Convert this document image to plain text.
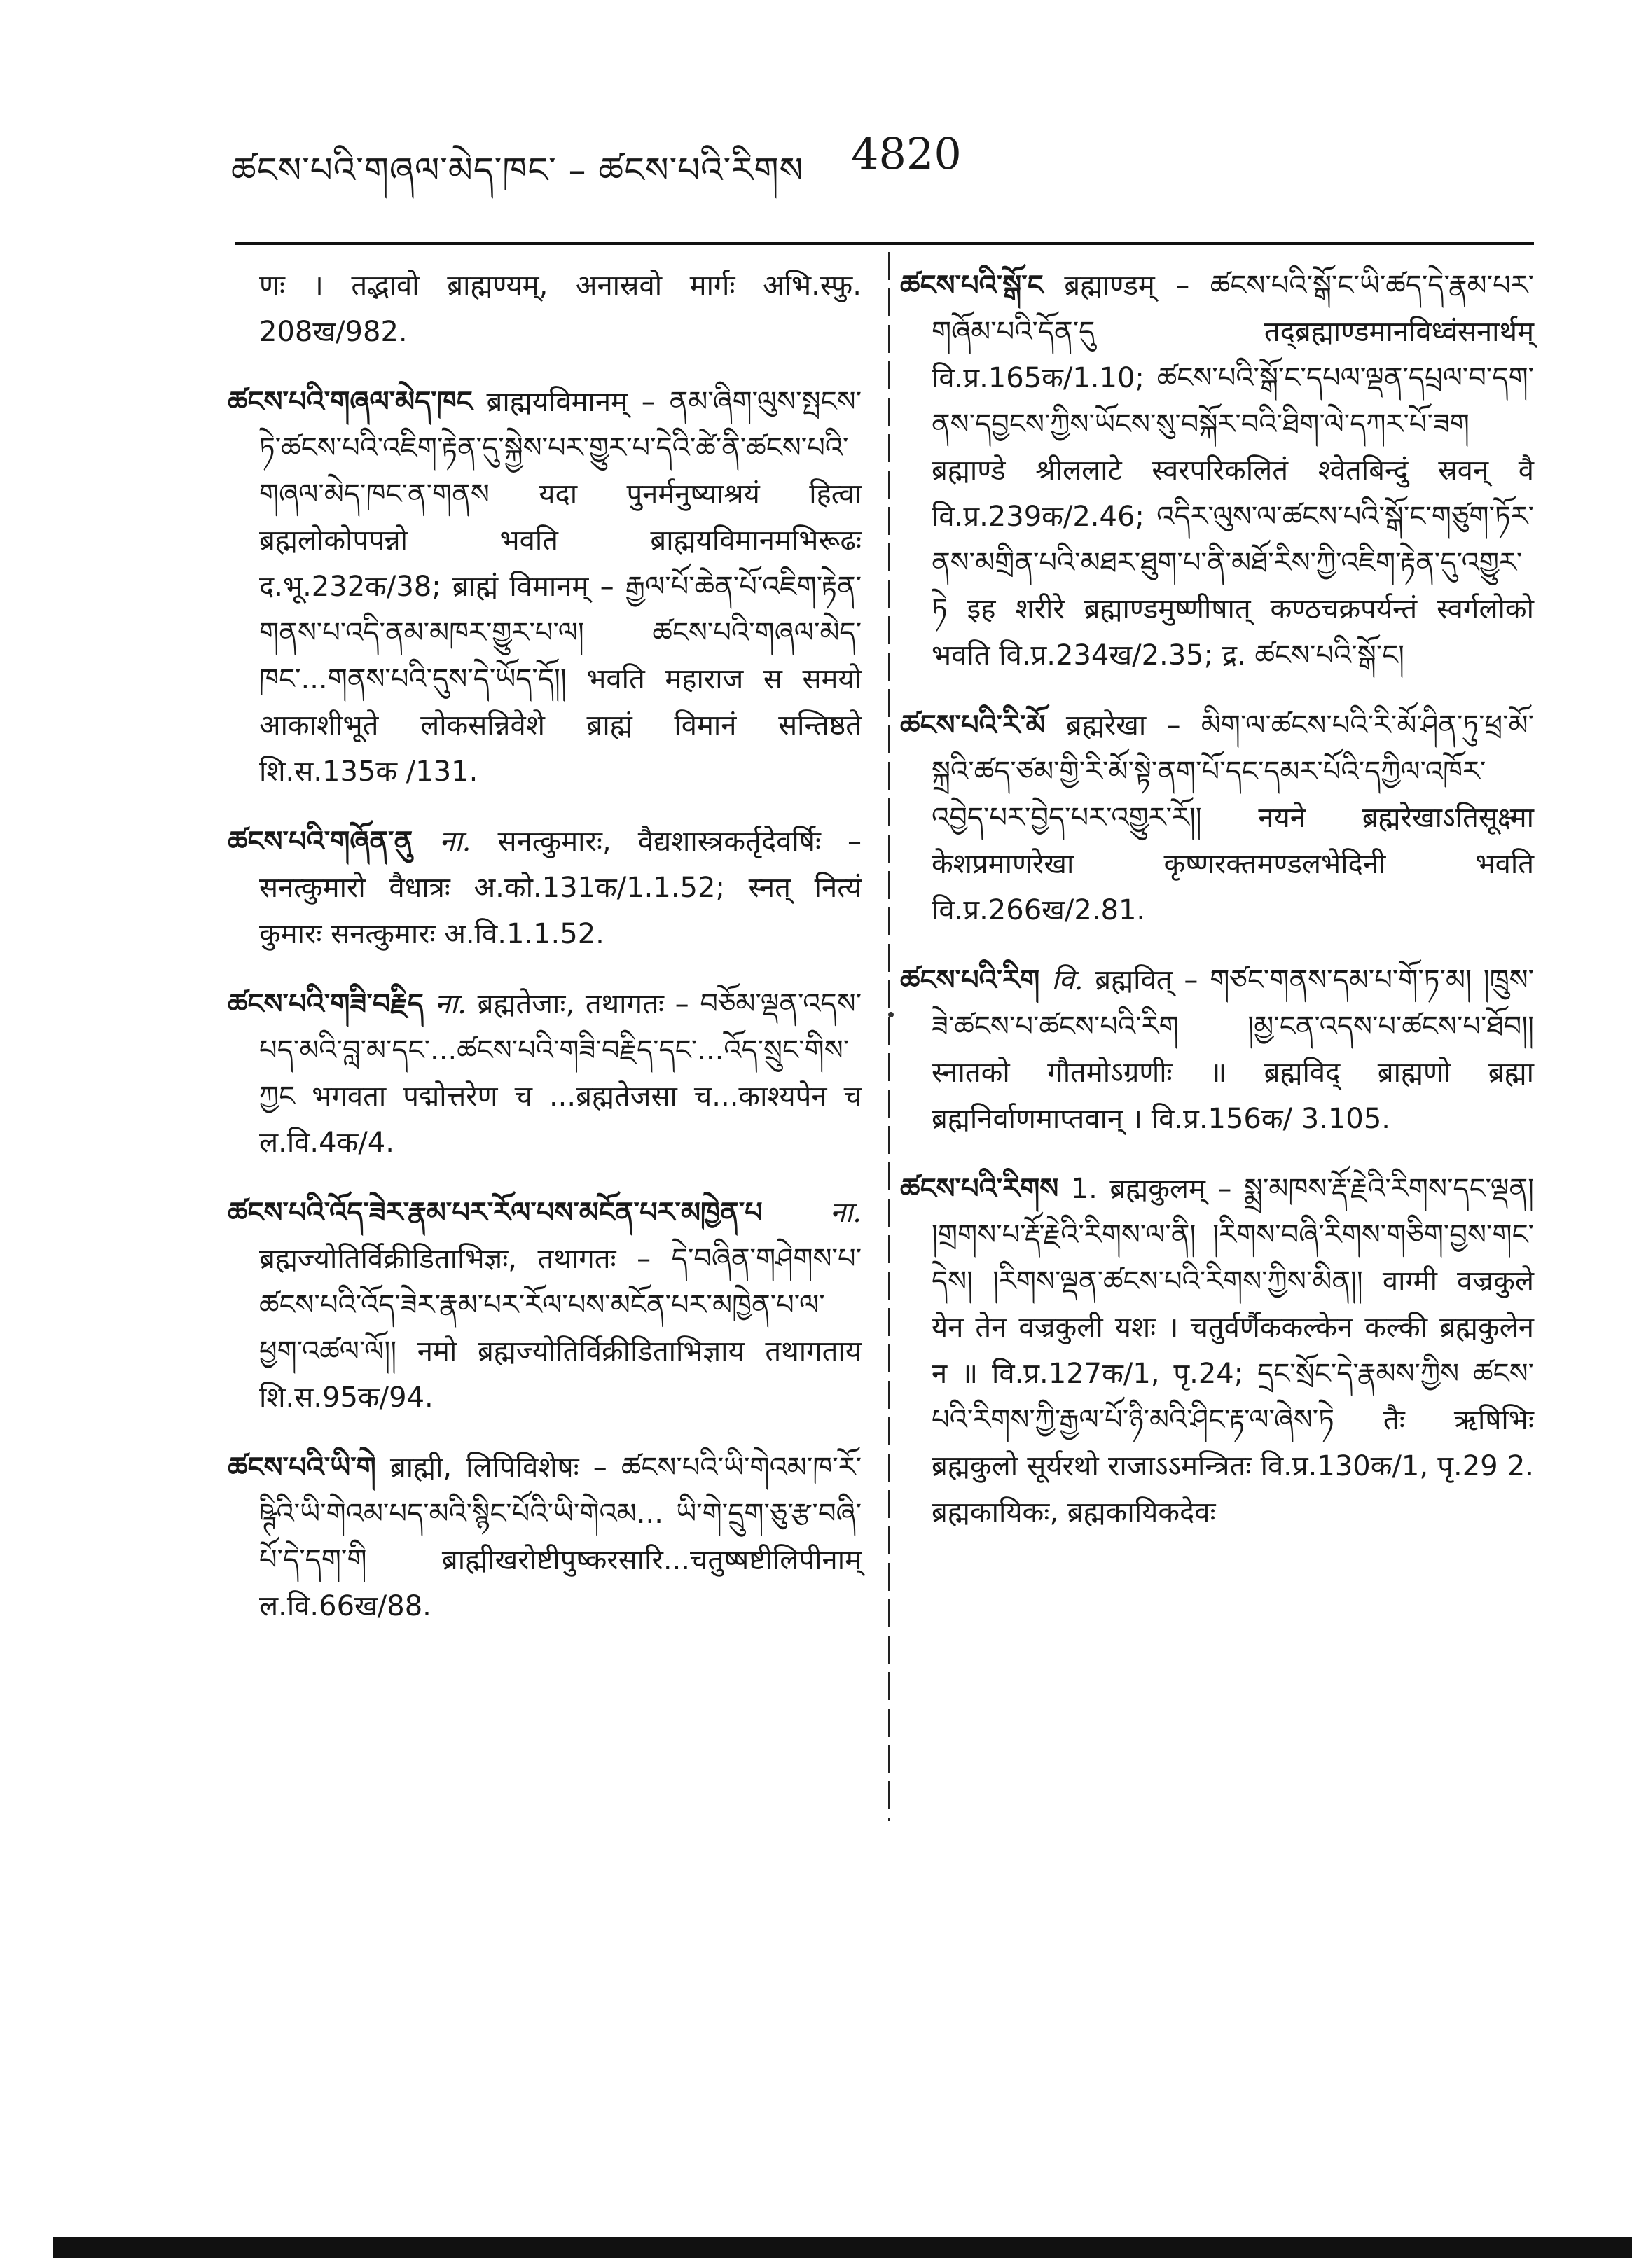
ཚངས་པའི་གཞལ་མེད་ཁང་ – ཚངས་པའི་རིགས 4820

णः । तद्भावो ब्राह्मण्यम्, अनास्रवो मार्गः अभि.स्फु. 208ख/982.

ཚངས་པའི་གཞལ་མེད་ཁང ब्राह्मयविमानम् – ནམ་ཞིག་ལུས་སྤངས་ཏེ་ཚངས་པའི་འཇིག་རྟེན་དུ་སྐྱེས་པར་གྱུར་པ་དེའི་ཚེ་ནི་ཚངས་པའི་གཞལ་མེད་ཁང་ན་གནས यदा पुनर्मनुष्याश्रयं हित्वा ब्रह्मलोकोपपन्नो भवति ब्राह्मयविमानमभिरूढः द.भू.232क/38; ब्राह्मं विमानम् – རྒྱལ་པོ་ཆེན་པོ་འཇིག་རྟེན་གནས་པ་འདི་ནམ་མཁར་གྱུར་པ་ལ། ཚངས་པའི་གཞལ་མེད་ཁང་...གནས་པའི་དུས་དེ་ཡོད་དོ།། भवति महाराज स समयो आकाशीभूते लोकसन्निवेशे ब्राह्मं विमानं सन्तिष्ठते शि.स.135क /131.

ཚངས་པའི་གཞོན་ནུ ना. सनत्कुमारः, वैद्यशास्त्रकर्तृदेवर्षिः – सनत्कुमारो वैधात्रः अ.को.131क/1.1.52; स्नत् नित्यं कुमारः सनत्कुमारः अ.वि.1.1.52.

ཚངས་པའི་གཟི་བརྗིད ना. ब्रह्मतेजाः, तथागतः – བཅོམ་ལྡན་འདས་པད་མའི་བླ་མ་དང་...ཚངས་པའི་གཟི་བརྗིད་དང་...འོད་སྲུང་གིས་ཀྱང भगवता पद्मोत्तरेण च ...ब्रह्मतेजसा च...काश्यपेन च ल.वि.4क/4.

ཚངས་པའི་འོད་ཟེར་རྣམ་པར་རོལ་པས་མངོན་པར་མཁྱེན་པ ना. ब्रह्मज्योतिर्विक्रीडिताभिज्ञः, तथागतः – དེ་བཞིན་གཤེགས་པ་ཚངས་པའི་འོད་ཟེར་རྣམ་པར་རོལ་པས་མངོན་པར་མཁྱེན་པ་ལ་ཕྱག་འཚལ་ལོ།། नमो ब्रह्मज्योतिर्विक्रीडिताभिज्ञाय तथागताय शि.स.95क/94.

ཚངས་པའི་ཡི་གེ ब्राह्मी, लिपिविशेषः – ཚངས་པའི་ཡི་གེའམ་ཁ་རོ་ཥྚིའི་ཡི་གེའམ་པད་མའི་སྙིང་པོའི་ཡི་གེའམ... ཡི་གེ་དྲུག་ཅུ་རྩ་བཞི་པོ་དེ་དག་གི ब्राह्मीखरोष्टीपुष्करसारि...चतुष्षष्टीलिपीनाम् ल.वि.66ख/88.

ཚངས་པའི་སྒོ་ང ब्रह्माण्डम् – ཚངས་པའི་སྒོ་ང་ཡི་ཚད་དེ་རྣམ་པར་གཞོམ་པའི་དོན་དུ तद्ब्रह्माण्डमानविध्वंसनार्थम् वि.प्र.165क/1.10; ཚངས་པའི་སྒོ་ང་དཔལ་ལྡན་དཔྲལ་བ་དག་ནས་དབྱངས་ཀྱིས་ཡོངས་སུ་བསྐོར་བའི་ཐིག་ལེ་དཀར་པོ་ཟག ब्रह्माण्डे श्रीललाटे स्वरपरिकलितं श्वेतबिन्दुं स्रवन् वै वि.प्र.239क/2.46; འདིར་ལུས་ལ་ཚངས་པའི་སྒོ་ང་གཙུག་ཏོར་ནས་མགྲིན་པའི་མཐར་ཐུག་པ་ནི་མཐོ་རིས་ཀྱི་འཇིག་རྟེན་དུ་འགྱུར་ཏེ इह शरीरे ब्रह्माण्डमुष्णीषात् कण्ठचक्रपर्यन्तं स्वर्गलोको भवति वि.प्र.234ख/2.35; द्र. ཚངས་པའི་སྒོ་ང།

ཚངས་པའི་རི་མོ ब्रह्मरेखा – མིག་ལ་ཚངས་པའི་རི་མོ་ཤིན་ཏུ་ཕྲ་མོ་སྐྲའི་ཚད་ཙམ་གྱི་རི་མོ་སྟེ་ནག་པོ་དང་དམར་པོའི་དཀྱིལ་འཁོར་འབྱེད་པར་བྱེད་པར་འགྱུར་རོ།། नयने ब्रह्मरेखाऽतिसूक्ष्मा केशप्रमाणरेखा कृष्णरक्तमण्डलभेदिनी भवति वि.प्र.266ख/2.81.

ཚངས་པའི་རིག वि. ब्रह्मवित् – གཙང་གནས་དམ་པ་གོ་ཏ་མ། །ཁྲུས་ཟེ་ཚངས་པ་ཚངས་པའི་རིག །མྱ་ངན་འདས་པ་ཚངས་པ་ཐོབ།། स्नातको गौतमोऽग्रणीः ॥ ब्रह्मविद् ब्राह्मणो ब्रह्मा ब्रह्मनिर्वाणमाप्तवान् । वि.प्र.156क/ 3.105.

ཚངས་པའི་རིགས 1. ब्रह्मकुलम् – སྨྲ་མཁས་རྡོ་རྗེའི་རིགས་དང་ལྡན། །གྲགས་པ་རྡོ་རྗེའི་རིགས་ལ་ནི། །རིགས་བཞི་རིགས་གཅིག་བྱས་གང་དེས། །རིགས་ལྡན་ཚངས་པའི་རིགས་ཀྱིས་མིན།། वाग्मी वज्रकुले येन तेन वज्रकुली यशः । चतुर्वर्णैककल्केन कल्की ब्रह्मकुलेन न ॥ वि.प्र.127क/1, पृ.24; དྲང་སྲོང་དེ་རྣམས་ཀྱིས ཚངས་པའི་རིགས་ཀྱི་རྒྱལ་པོ་ཉི་མའི་ཤིང་རྟ་ལ་ཞེས་ཏེ तैः ऋषिभिः ब्रह्मकुलो सूर्यरथो राजाऽऽमन्त्रितः वि.प्र.130क/1, पृ.29 2. ब्रह्मकायिकः, ब्रह्मकायिकदेवः
